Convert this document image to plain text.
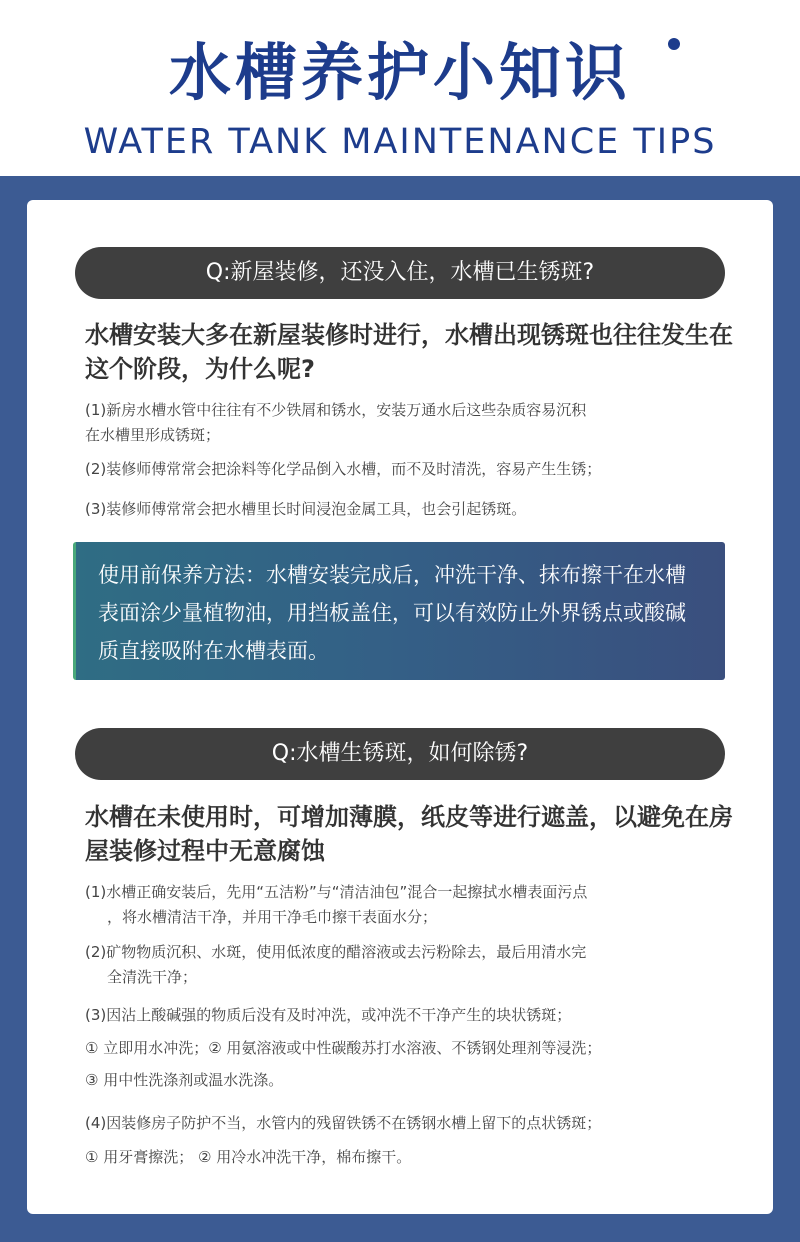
水槽养护小知识
WATER TANK MAINTENANCE TIPS
Q:新屋装修，还没入住，水槽已生锈斑?
水槽安装大多在新屋装修时进行，水槽出现锈斑也往往发生在这个阶段，为什么呢?
(1)新房水槽水管中往往有不少铁屑和锈水，安装万通水后这些杂质容易沉积
在水槽里形成锈斑；
(2)装修师傅常常会把涂料等化学品倒入水槽，而不及时清洗，容易产生生锈；
(3)装修师傅常常会把水槽里长时间浸泡金属工具，也会引起锈斑。
使用前保养方法：水槽安装完成后，冲洗干净、抹布擦干在水槽表面涂少量植物油，用挡板盖住，可以有效防止外界锈点或酸碱质直接吸附在水槽表面。
Q:水槽生锈斑，如何除锈?
水槽在未使用时，可增加薄膜，纸皮等进行遮盖，以避免在房屋装修过程中无意腐蚀
(1)水槽正确安装后，先用“五洁粉”与“清洁油包”混合一起擦拭水槽表面污点

，将水槽清洁干净，并用干净毛巾擦干表面水分；
(2)矿物物质沉积、水斑，使用低浓度的醋溶液或去污粉除去，最后用清水完

全清洗干净；
(3)因沾上酸碱强的物质后没有及时冲洗，或冲洗不干净产生的块状锈斑；
① 立即用水冲洗；② 用氨溶液或中性碳酸苏打水溶液、不锈钢处理剂等浸洗；
③ 用中性洗涤剂或温水洗涤。
(4)因装修房子防护不当，水管内的残留铁锈不在锈钢水槽上留下的点状锈斑；
① 用牙膏擦洗； ② 用冷水冲洗干净，棉布擦干。
